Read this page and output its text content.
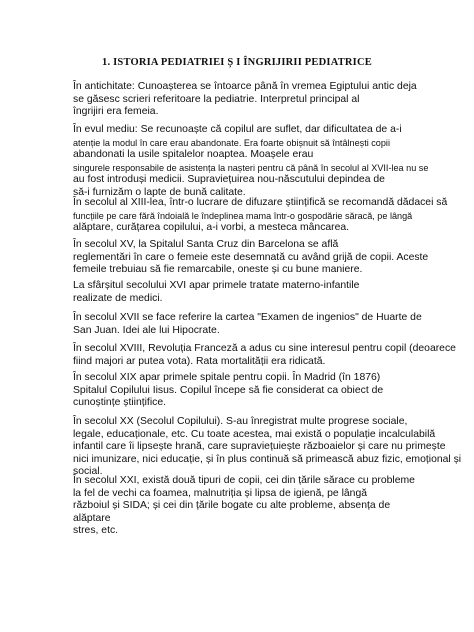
1. ISTORIA PEDIATRIEI Ș I ÎNGRIJIRII PEDIATRICE
În antichitate: Cunoașterea se întoarce până în vremea Egiptului antic deja
se găsesc scrieri referitoare la pediatrie. Interpretul principal al
îngrijiri era femeia.
În evul mediu: Se recunoaște că copilul are suflet, dar dificultatea de a-i
atenție la modul în care erau abandonate. Era foarte obișnuit să întâlnești copii
abandonati la usile spitalelor noaptea. Moașele erau
singurele responsabile de asistența la nașteri pentru că până în secolul al XVII-lea nu se
au fost introduși medicii. Supraviețuirea nou-născutului depindea de
să-i furnizăm o lapte de bună calitate.
În secolul al XIII-lea, într-o lucrare de difuzare științifică se recomandă dădacei să
funcțiile pe care fără îndoială le îndeplinea mama într-o gospodărie săracă, pe lângă
alăptare, curățarea copilului, a-i vorbi, a mesteca mâncarea.
În secolul XV, la Spitalul Santa Cruz din Barcelona se află
reglementări în care o femeie este desemnată cu având grijă de copii. Aceste
femeile trebuiau să fie remarcabile, oneste și cu bune maniere.
La sfârșitul secolului XVI apar primele tratate materno-infantile
realizate de medici.
În secolul XVII se face referire la cartea "Examen de ingenios" de Huarte de
San Juan. Idei ale lui Hipocrate.
În secolul XVIII, Revoluția Franceză a adus cu sine interesul pentru copil (deoarece
fiind majori ar putea vota). Rata mortalității era ridicată.
În secolul XIX apar primele spitale pentru copii. În Madrid (în 1876)
Spitalul Copilului Iisus. Copilul începe să fie considerat ca obiect de
cunoștințe științifice.
În secolul XX (Secolul Copilului). S-au înregistrat multe progrese sociale,
legale, educaționale, etc. Cu toate acestea, mai există o populație incalculabilă
infantil care îi lipsește hrană, care supraviețuiește războaielor și care nu primește
nici imunizare, nici educație, și în plus continuă să primească abuz fizic, emoțional și
social.
În secolul XXI, există două tipuri de copii, cei din țările sărace cu probleme
la fel de vechi ca foamea, malnutriția și lipsa de igienă, pe lângă
războiul și SIDA; și cei din țările bogate cu alte probleme, absența de
alăptare
stres, etc.
